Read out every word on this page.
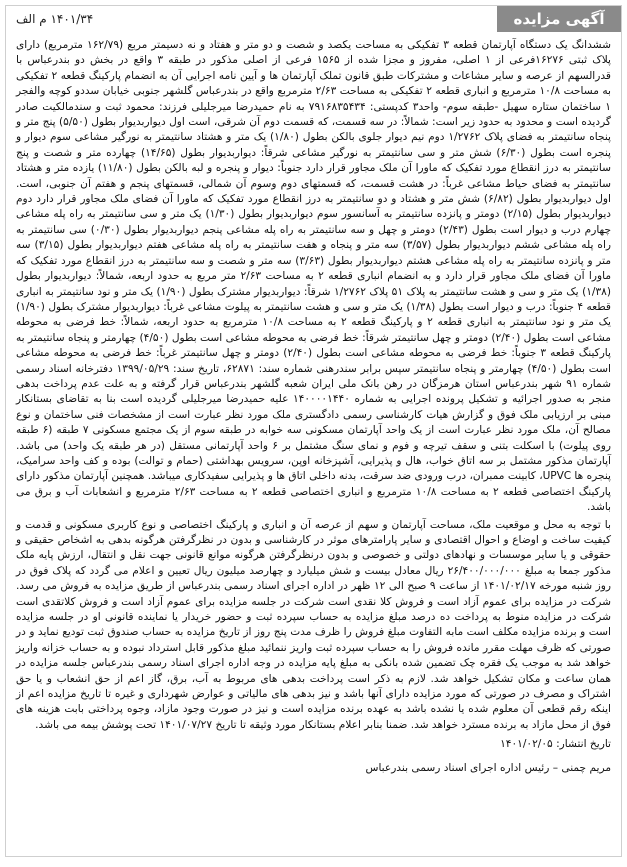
آگهی مزایده
۱۴۰۱/۳۴ م الف

ششدانگ یک دستگاه آپارتمان قطعه ۳ تفکیکی به مساحت یکصد و شصت و دو متر و هفتاد و نه دسیمتر مربع (۱۶۲/۷۹ مترمربع) دارای پلاک ثبتی ۱۶۲۷۶فرعی از ۱ اصلی، مفروز و مجزا شده از ۱۵۶۵ فرعی از اصلی مذکور در طبقه ۳ واقع در بخش دو بندرعباس با قدرالسهم از عرصه و سایر مشاعات و مشترکات طبق قانون تملک آپارتمان ها و آیین نامه اجرایی آن به انضمام پارکینگ قطعه ۲ تفکیکی به مساحت ۱۰/۸ مترمربع و انباری قطعه ۲ تفکیکی به مساحت ۲/۶۳ مترمربع واقع در بندرعباس گلشهر جنوبی خیابان سددو کوچه والفجر ۱ ساختمان ستاره سهیل -طبقه سوم- واحد۳ کدپستی: ۷۹۱۶۸۳۵۴۳۴ به نام حمیدرضا میرجلیلی فرزند: محمود ثبت و سندمالکیت صادر گردیده است و محدود به حدود زیر است: شمالاً: در سه قسمت، که قسمت دوم آن شرقی، است اول دیواربدیوار بطول (۵/۵۰) پنج متر و پنجاه سانتیمتر به فضای پلاک ۱/۲۷۶۲ دوم نیم دیوار جلوی بالکن بطول (۱/۸۰) یک متر و هشتاد سانتیمتر به نورگیر مشاعی سوم دیوار و پنجره است بطول (۶/۳۰) شش متر و سی سانتیمتر به نورگیر مشاعی شرقاً: دیواربدیوار بطول (۱۴/۶۵) چهارده متر و شصت و پنج سانتیمتر به درز انقطاع مورد تفکیک که ماورا آن ملک مجاور قرار دارد جنوباً: دیوار و پنجره و لبه بالکن بطول (۱۱/۸۰) یازده متر و هشتاد سانتیمتر به فضای حیاط مشاعی غرباً: در هشت قسمت، که قسمتهای دوم وسوم آن شمالی، قسمتهای پنجم و هفتم آن جنوبی، است. اول دیواربدیوار بطول (۶/۸۲) شش متر و هشتاد و دو سانتیمتر به درز انقطاع مورد تفکیک که ماورا آن فضای ملک مجاور قرار دارد دوم دیواربدیوار بطول (۲/۱۵) دومتر و پانزده سانتیمتر به آسانسور سوم دیواربدیوار بطول (۱/۳۰) یک متر و سی سانتیمتر به راه پله مشاعی چهارم درب و دیوار است بطول (۲/۴۳) دومتر و چهل و سه سانتیمتر به راه پله مشاعی پنجم دیواربدیوار بطول (۰/۳۰) سی سانتیمتر به راه پله مشاعی ششم دیواربدیوار بطول (۳/۵۷) سه متر و پنجاه و هفت سانتیمتر به راه پله مشاعی هفتم دیواربدیوار بطول (۳/۱۵) سه متر و پانزده سانتیمتر به راه پله مشاعی هشتم دیواربدیوار بطول (۳/۶۳) سه متر و شصت و سه سانتیمتر به درز انقطاع مورد تفکیک که ماورا آن فضای ملک مجاور قرار دارد و به انضمام انباری قطعه ۲ به مساحت ۲/۶۳ متر مربع به حدود اربعه، شمالاً: دیواربدیوار بطول (۱/۳۸) یک متر و سی و هشت سانتیمتر به پلاک ۵۱ پلاک ۱/۲۷۶۲ شرقاً: دیواربدیوار مشترک بطول (۱/۹۰) یک متر و نود سانتیمتر به انباری قطعه ۴ جنوباً: درب و دیوار است بطول (۱/۳۸) یک متر و سی و هشت سانتیمتر به پیلوت مشاعی غرباً: دیواربدیوار مشترک بطول (۱/۹۰) یک متر و نود سانتیمتر به انباری قطعه ۲ و پارکینگ قطعه ۲ به مساحت ۱۰/۸ مترمربع به حدود اربعه، شمالاً: خط فرضی به محوطه مشاعی است بطول (۲/۴۰) دومتر و چهل سانتیمتر شرقاً: خط فرضی به محوطه مشاعی است بطول (۴/۵۰) چهارمتر و پنجاه سانتیمتر به پارکینگ قطعه ۳ جنوباً: خط فرضی به محوطه مشاعی است بطول (۲/۴۰) دومتر و چهل سانتیمتر غرباً: خط فرضی به محوطه مشاعی است بطول (۴/۵۰) چهارمتر و پنجاه سانتیمتر سپس برابر سندرهنی شماره سند: ۶۲۸۷۱، تاریخ سند: ۱۳۹۹/۰۵/۲۹ دفترخانه اسناد رسمی شماره ۹۱ شهر بندرعباس استان هرمزگان در رهن بانک ملی ایران شعبه گلشهر بندرعباس قرار گرفته و به علت عدم پرداخت بدهی منجر به صدور اجرائیه و تشکیل پرونده اجرایی به شماره ۱۴۰۰۰۰۱۴۴۰ علیه حمیدرضا میرجلیلی گردیده است بنا به تقاضای بستانکار مبنی بر ارزیابی ملک فوق و گزارش هیات کارشناسی رسمی دادگستری ملک مورد نظر عبارت است از مشخصات فنی ساختمان و نوع مصالح آن، ملک مورد نظر عبارت است از یک واحد آپارتمان مسکونی سه خوابه در طبقه سوم از یک مجتمع مسکونی ۷ طبقه (۶ طبقه روی پیلوت) با اسکلت بتنی و سقف تیرچه و فوم و نمای سنگ مشتمل بر ۶ واحد آپارتمانی مستقل (در هر طبقه یک واحد) می باشد. آپارتمان مذکور مشتمل بر سه اتاق خواب، هال و پذیرایی، آشپزخانه اوپن، سرویس بهداشتی (حمام و توالت) بوده و کف واحد سرامیک، پنجره ها UPVC، کابینت ممبران، درب ورودی ضد سرقت، بدنه داخلی اتاق ها و پذیرایی سفیدکاری میباشد. همچنین آپارتمان مذکور دارای پارکینگ اختصاصی قطعه ۲ به مساحت ۱۰/۸ مترمربع و انباری اختصاصی قطعه ۲ به مساحت ۲/۶۳ مترمربع و انشعابات آب و برق می باشد.

با توجه به محل و موقعیت ملک، مساحت آپارتمان و سهم از عرصه آن و انباری و پارکینگ اختصاصی و نوع کاربری مسکونی و قدمت و کیفیت ساخت و اوضاع و احوال اقتصادی و سایر پارامترهای موثر در کارشناسی و بدون در نظرگرفتن هرگونه بدهی به اشخاص حقیقی و حقوقی و یا سایر موسسات و نهادهای دولتی و خصوصی و بدون درنظرگرفتن هرگونه موانع قانونی جهت نقل و انتقال، ارزش پایه ملک مذکور جمعا به مبلغ ۲۶/۴۰۰/۰۰۰/۰۰۰ ریال معادل بیست و شش میلیارد و چهارصد میلیون ریال تعیین و اعلام می گردد که پلاک فوق در روز شنبه مورخه ۱۴۰۱/۰۲/۱۷ از ساعت ۹ صبح الی ۱۲ ظهر در اداره اجرای اسناد رسمی بندرعباس از طریق مزایده به فروش می رسد. شرکت در مزایده برای عموم آزاد است و فروش کلا نقدی است شرکت در جلسه مزایده برای عموم آزاد است و فروش کلاتقدی است شرکت در مزایده منوط به پرداخت ده درصد مبلغ مزایده به حساب سپرده ثبت و حضور خریدار یا نماینده قانونی او در جلسه مزایده است و برنده مزایده مکلف است مابه التفاوت مبلغ فروش را ظرف مدت پنج روز از تاریخ مزایده به حساب صندوق ثبت تودیع نماید و در صورتی که ظرف مهلت مقرر مانده فروش را به حساب سپرده ثبت واریز ننمائید مبلغ مذکور قابل استرداد نبوده و به حساب خزانه واریز خواهد شد به موجب یک فقره چک تضمین شده بانکی به مبلغ پایه مزایده در وجه اداره اجرای اسناد رسمی بندرعباس جلسه مزایده در همان ساعت و مکان تشکیل خواهد شد. لازم به ذکر است پرداخت بدهی های مربوط به آب، برق، گاز اعم از حق انشعاب و یا حق اشتراک و مصرف در صورتی که مورد مزایده دارای آنها باشد و نیز بدهی های مالیاتی و عوارض شهرداری و غیره تا تاریخ مزایده اعم از اینکه رقم قطعی آن معلوم شده یا نشده باشد به عهده برنده مزایده است و نیز در صورت وجود مازاد، وجوه پرداختی بابت هزینه های فوق از محل مازاد به برنده مسترد خواهد شد. ضمنا بنابر اعلام بستانکار مورد وثیقه تا تاریخ ۱۴۰۱/۰۷/۲۷ تحت پوشش بیمه می باشد.

تاریخ انتشار: ۱۴۰۱/۰۲/۰۵
مریم چمنی – رئیس اداره اجرای اسناد رسمی بندرعباس
